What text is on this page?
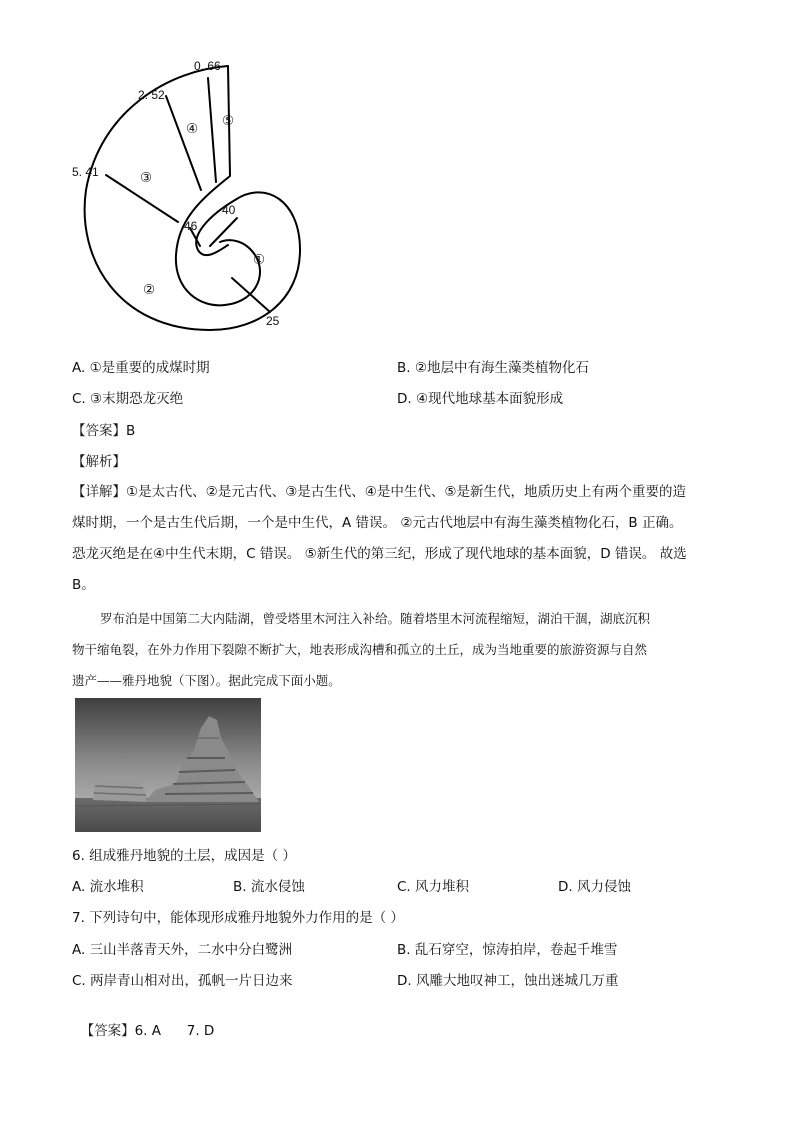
0. 66
2. 52
5. 41
40
46
25
①
②
③
④ ⑤
A. ①是重要的成煤时期	B. ②地层中有海生藻类植物化石
C. ③末期恐龙灭绝	D. ④现代地球基本面貌形成
【答案】B
【解析】
【详解】①是太古代、②是元古代、③是古生代、④是中生代、⑤是新生代，地质历史上有两个重要的造
煤时期，一个是古生代后期，一个是中生代，A 错误。 ②元古代地层中有海生藻类植物化石，B 正确。
恐龙灭绝是在④中生代末期，C 错误。 ⑤新生代的第三纪，形成了现代地球的基本面貌，D 错误。 故选
B。
罗布泊是中国第二大内陆湖，曾受塔里木河注入补给。随着塔里木河流程缩短，湖泊干涸，湖底沉积
物干缩龟裂，在外力作用下裂隙不断扩大，地表形成沟槽和孤立的土丘，成为当地重要的旅游资源与自然
遗产——雅丹地貌（下图）。据此完成下面小题。
6. 组成雅丹地貌的土层，成因是（ ）
A. 流水堆积	B. 流水侵蚀	C. 风力堆积	D. 风力侵蚀
7. 下列诗句中，能体现形成雅丹地貌外力作用的是（ ）
A. 三山半落青天外，二水中分白鹭洲	B. 乱石穿空，惊涛拍岸，卷起千堆雪
C. 两岸青山相对出，孤帆一片日边来	D. 风雕大地叹神工，蚀出迷城几万重

【答案】6. A      7. D
